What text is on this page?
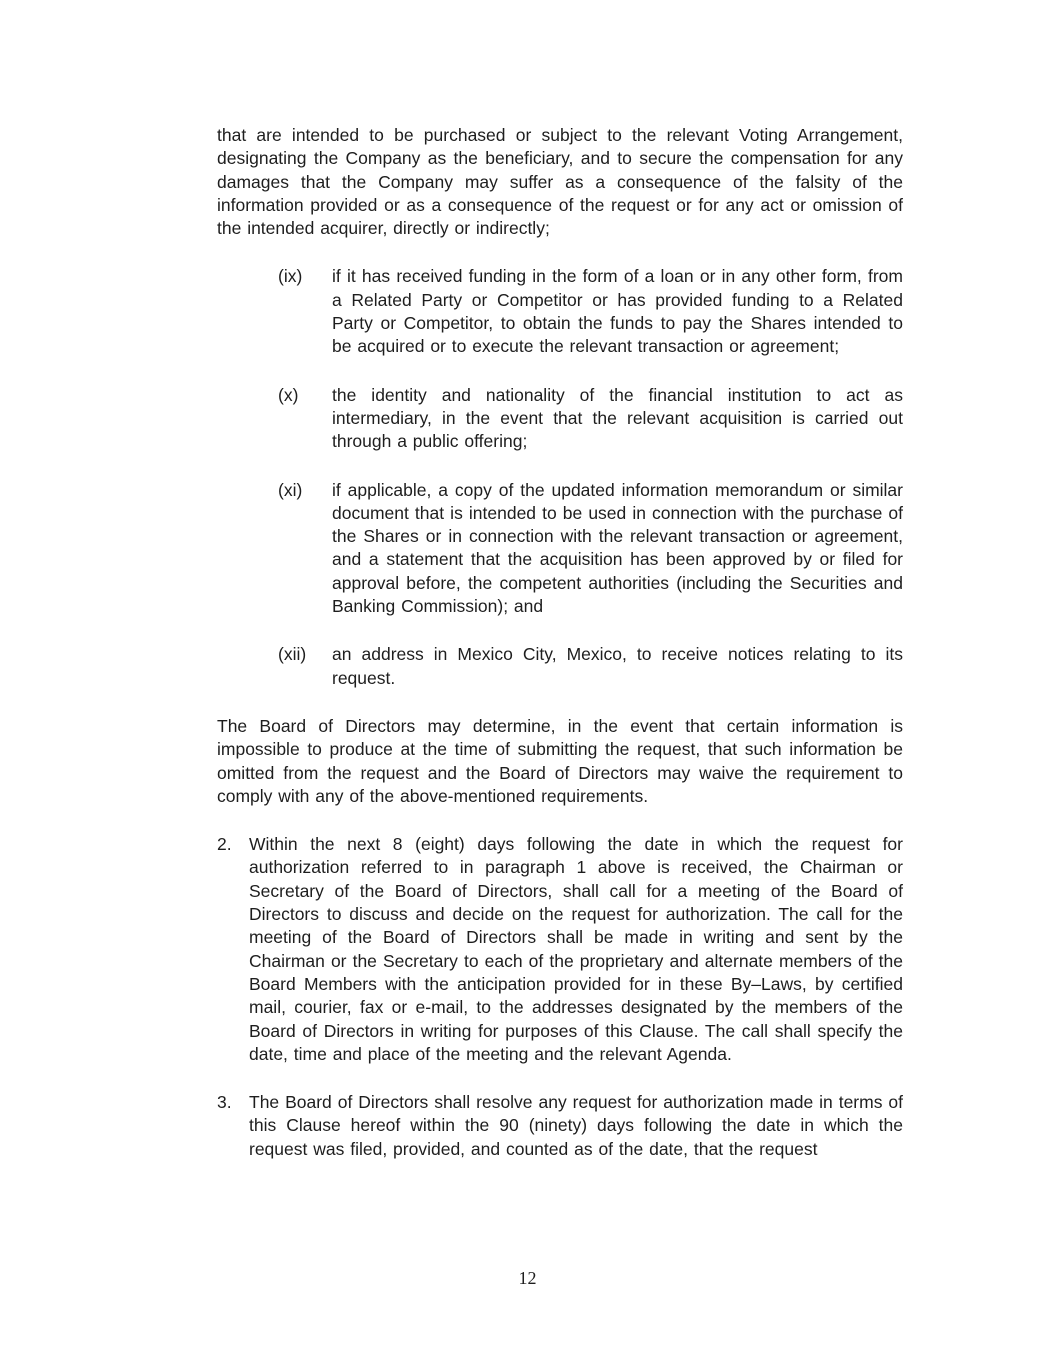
that are intended to be purchased or subject to the relevant Voting Arrangement, designating the Company as the beneficiary, and to secure the compensation for any damages that the Company may suffer as a consequence of the falsity of the information provided or as a consequence of the request or for any act or omission of the intended acquirer, directly or indirectly;

(ix)	if it has received funding in the form of a loan or in any other form, from a Related Party or Competitor or has provided funding to a Related Party or Competitor, to obtain the funds to pay the Shares intended to be acquired or to execute the relevant transaction or agreement;
(x)	the identity and nationality of the financial institution to act as intermediary, in the event that the relevant acquisition is carried out through a public offering;
(xi)	if applicable, a copy of the updated information memorandum or similar document that is intended to be used in connection with the purchase of the Shares or in connection with the relevant transaction or agreement, and a statement that the acquisition has been approved by or filed for approval before, the competent authorities (including the Securities and Banking Commission); and
(xii)	an address in Mexico City, Mexico, to receive notices relating to its request.

The Board of Directors may determine, in the event that certain information is impossible to produce at the time of submitting the request, that such information be omitted from the request and the Board of Directors may waive the requirement to comply with any of the above-mentioned requirements.

2. Within the next 8 (eight) days following the date in which the request for authorization referred to in paragraph 1 above is received, the Chairman or Secretary of the Board of Directors, shall call for a meeting of the Board of Directors to discuss and decide on the request for authorization. The call for the meeting of the Board of Directors shall be made in writing and sent by the Chairman or the Secretary to each of the proprietary and alternate members of the Board Members with the anticipation provided for in these By–Laws, by certified mail, courier, fax or e-mail, to the addresses designated by the members of the Board of Directors in writing for purposes of this Clause. The call shall specify the date, time and place of the meeting and the relevant Agenda.
3. The Board of Directors shall resolve any request for authorization made in terms of this Clause hereof within the 90 (ninety) days following the date in which the request was filed, provided, and counted as of the date, that the request
12
